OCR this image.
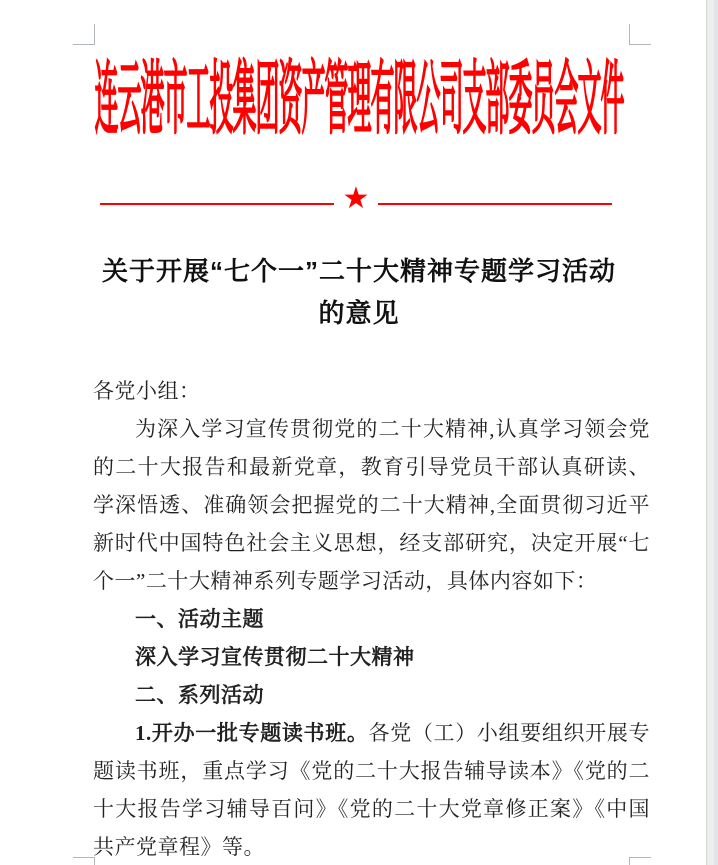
连云港市工投集团资产管理有限公司支部委员会文件
★
关于开展“七个一”二十大精神专题学习活动
的意见

各党小组：

为深入学习宣传贯彻党的二十大精神,认真学习领会党的二十大报告和最新党章，教育引导党员干部认真研读、学深悟透、准确领会把握党的二十大精神,全面贯彻习近平新时代中国特色社会主义思想，经支部研究，决定开展“七个一”二十大精神系列专题学习活动，具体内容如下：

一、活动主题

深入学习宣传贯彻二十大精神

二、系列活动

1.开办一批专题读书班。各党（工）小组要组织开展专题读书班，重点学习《党的二十大报告辅导读本》《党的二十大报告学习辅导百问》《党的二十大党章修正案》《中国共产党章程》等。
